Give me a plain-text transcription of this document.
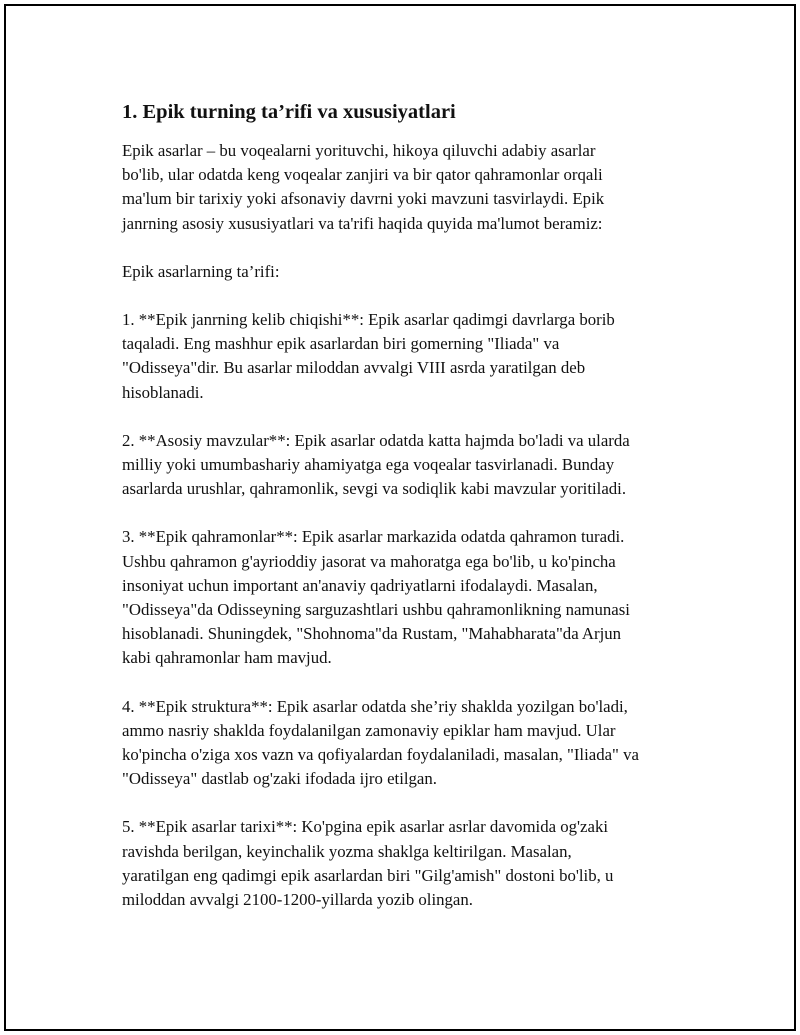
1. Epik turning ta’rifi va xususiyatlari
Epik asarlar – bu voqealarni yorituvchi, hikoya qiluvchi adabiy asarlar
bo'lib, ular odatda keng voqealar zanjiri va bir qator qahramonlar orqali
ma'lum bir tarixiy yoki afsonaviy davrni yoki mavzuni tasvirlaydi. Epik
janrning asosiy xususiyatlari va ta'rifi haqida quyida ma'lumot beramiz:
Epik asarlarning ta’rifi:
1. **Epik janrning kelib chiqishi**: Epik asarlar qadimgi davrlarga borib
taqaladi. Eng mashhur epik asarlardan biri gomerning "Iliada" va
"Odisseya"dir. Bu asarlar miloddan avvalgi VIII asrda yaratilgan deb
hisoblanadi.
2. **Asosiy mavzular**: Epik asarlar odatda katta hajmda bo'ladi va ularda
milliy yoki umumbashariy ahamiyatga ega voqealar tasvirlanadi. Bunday
asarlarda urushlar, qahramonlik, sevgi va sodiqlik kabi mavzular yoritiladi.
3. **Epik qahramonlar**: Epik asarlar markazida odatda qahramon turadi.
Ushbu qahramon g'ayrioddiy jasorat va mahoratga ega bo'lib, u ko'pincha
insoniyat uchun important an'anaviy qadriyatlarni ifodalaydi. Masalan,
"Odisseya"da Odisseyning sarguzashtlari ushbu qahramonlikning namunasi
hisoblanadi. Shuningdek, "Shohnoma"da Rustam, "Mahabharata"da Arjun
kabi qahramonlar ham mavjud.
4. **Epik struktura**: Epik asarlar odatda she’riy shaklda yozilgan bo'ladi,
ammo nasriy shaklda foydalanilgan zamonaviy epiklar ham mavjud. Ular
ko'pincha o'ziga xos vazn va qofiyalardan foydalaniladi, masalan, "Iliada" va
"Odisseya" dastlab og'zaki ifodada ijro etilgan.
5. **Epik asarlar tarixi**: Ko'pgina epik asarlar asrlar davomida og'zaki
ravishda berilgan, keyinchalik yozma shaklga keltirilgan. Masalan,
yaratilgan eng qadimgi epik asarlardan biri "Gilg'amish" dostoni bo'lib, u
miloddan avvalgi 2100-1200-yillarda yozib olingan.
